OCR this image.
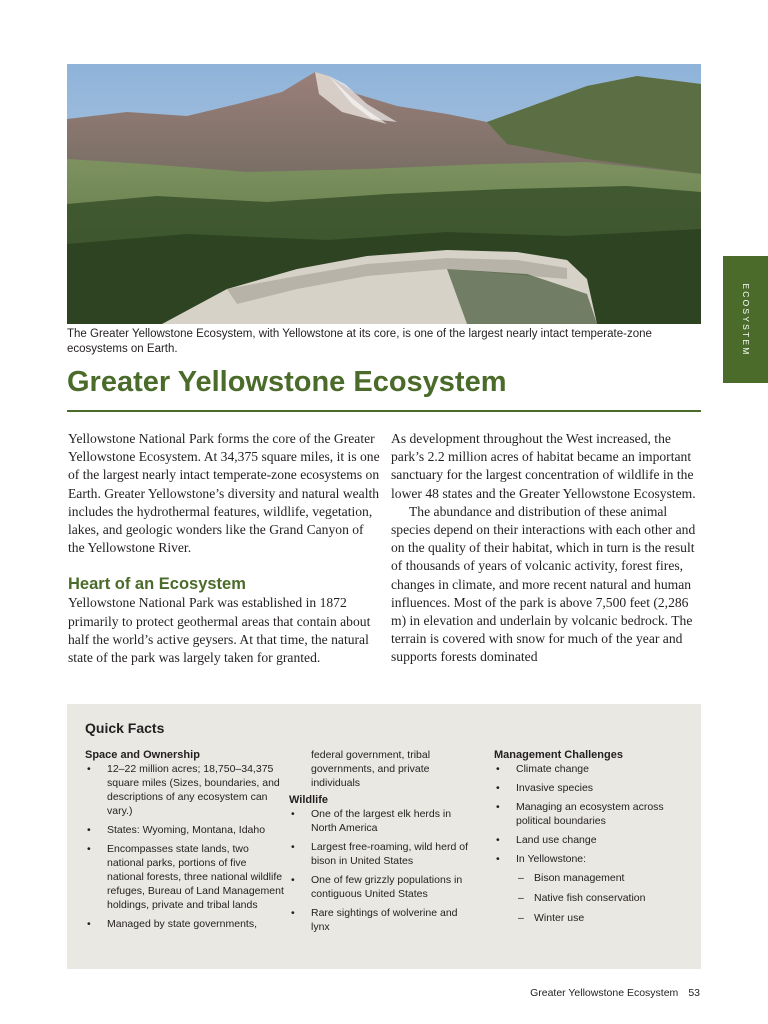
The Greater Yellowstone Ecosystem, with Yellowstone at its core, is one of the largest nearly intact temperate-zone ecosystems on Earth.
Greater Yellowstone Ecosystem
ECOSYSTEM

Yellowstone National Park forms the core of the Greater Yellowstone Ecosystem. At 34,375 square miles, it is one of the largest nearly intact temperate-zone ecosystems on Earth. Greater Yellowstone’s diversity and natural wealth includes the hydrothermal features, wildlife, vegetation, lakes, and geologic wonders like the Grand Canyon of the Yellowstone River.

Heart of an Ecosystem

Yellowstone National Park was established in 1872 primarily to protect geothermal areas that contain about half the world’s active geysers. At that time, the natural state of the park was largely taken for granted.

As development throughout the West increased, the park’s 2.2 million acres of habitat became an important sanctuary for the largest concentration of wildlife in the lower 48 states and the Greater Yellowstone Ecosystem.

The abundance and distribution of these animal species depend on their interactions with each other and on the quality of their habitat, which in turn is the result of thousands of years of volcanic activity, forest fires, changes in climate, and more recent natural and human influences. Most of the park is above 7,500 feet (2,286 m) in elevation and underlain by volcanic bedrock. The terrain is covered with snow for much of the year and supports forests dominated

Quick Facts
Space and Ownership
• 12–22 million acres; 18,750–34,375 square miles (Sizes, boundaries, and descriptions of any ecosystem can vary.)
• States: Wyoming, Montana, Idaho
• Encompasses state lands, two national parks, portions of five national forests, three national wildlife refuges, Bureau of Land Management holdings, private and tribal lands
• Managed by state governments,
federal government, tribal governments, and private individuals
Wildlife
• One of the largest elk herds in North America
• Largest free-roaming, wild herd of bison in United States
• One of few grizzly populations in contiguous United States
• Rare sightings of wolverine and lynx
Management Challenges
• Climate change
• Invasive species
• Managing an ecosystem across political boundaries
• Land use change
• In Yellowstone:
– Bison management
– Native fish conservation
– Winter use
Greater Yellowstone Ecosystem 53
